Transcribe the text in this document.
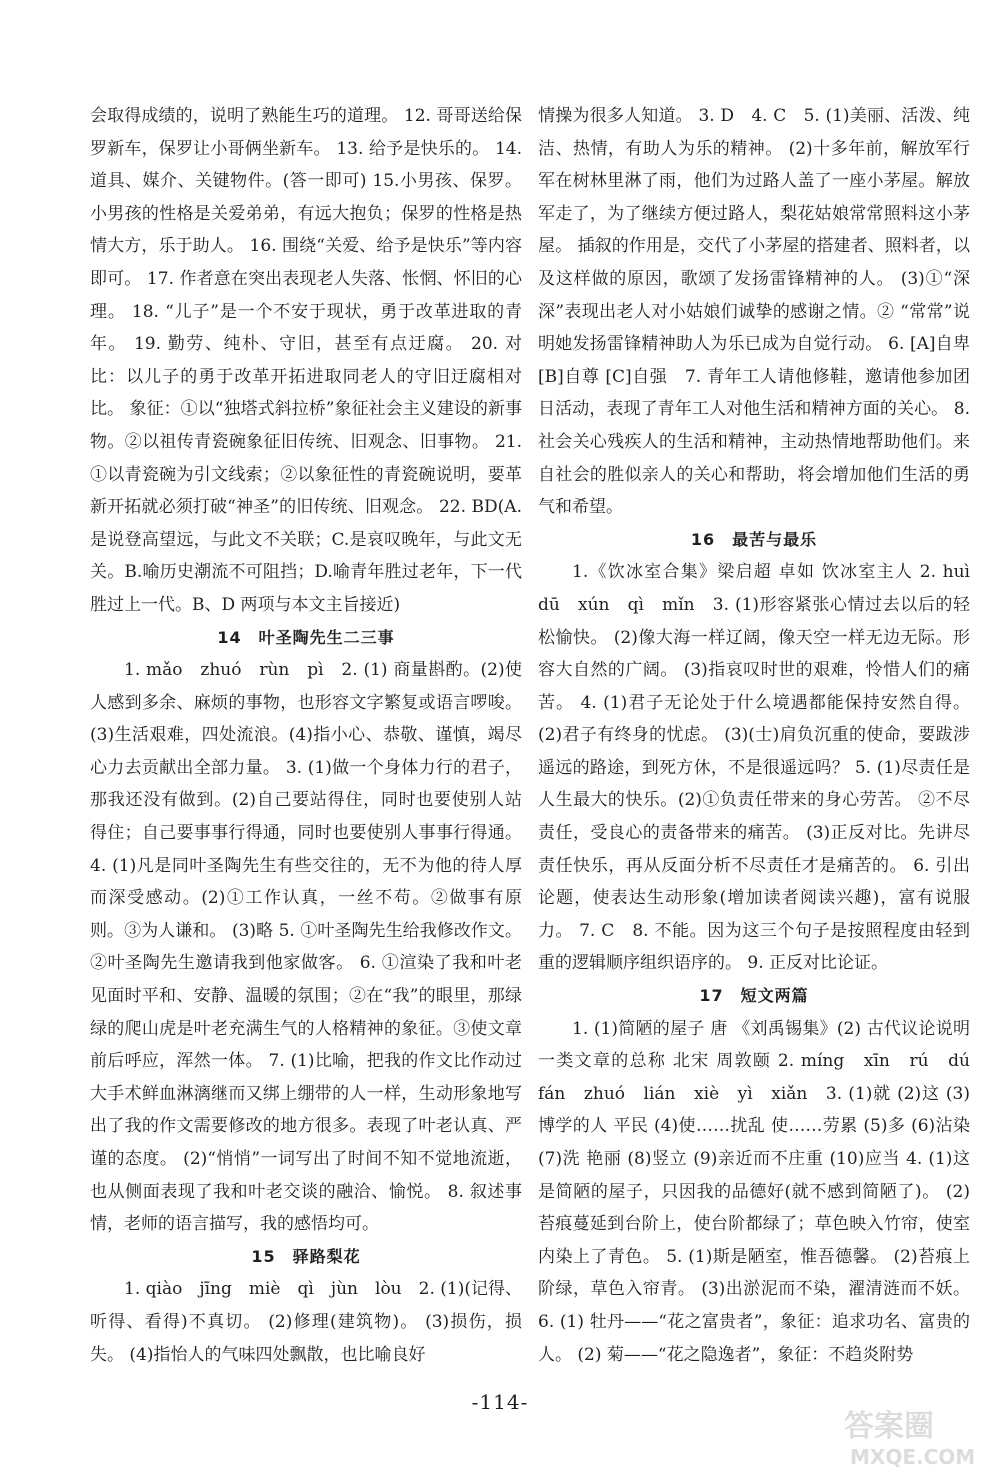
会取得成绩的，说明了熟能生巧的道理。 12. 哥哥送给保罗新车，保罗让小哥俩坐新车。 13. 给予是快乐的。 14. 道具、媒介、关键物件。(答一即可) 15.小男孩、保罗。小男孩的性格是关爱弟弟，有远大抱负；保罗的性格是热情大方，乐于助人。 16. 围绕“关爱、给予是快乐”等内容即可。 17. 作者意在突出表现老人失落、怅惘、怀旧的心理。 18. “儿子”是一个不安于现状，勇于改革进取的青年。 19. 勤劳、纯朴、守旧，甚至有点迂腐。 20. 对比：以儿子的勇于改革开拓进取同老人的守旧迂腐相对比。 象征：①以“独塔式斜拉桥”象征社会主义建设的新事物。②以祖传青瓷碗象征旧传统、旧观念、旧事物。 21. ①以青瓷碗为引文线索；②以象征性的青瓷碗说明，要革新开拓就必须打破“神圣”的旧传统、旧观念。 22. BD(A.是说登高望远，与此文不关联；C.是哀叹晚年，与此文无关。B.喻历史潮流不可阻挡；D.喻青年胜过老年，下一代胜过上一代。B、D 两项与本文主旨接近)

14　叶圣陶先生二三事

1. mǎo　zhuó　rùn　pì　2. (1) 商量斟酌。(2)使人感到多余、麻烦的事物，也形容文字繁复或语言啰唆。(3)生活艰难，四处流浪。(4)指小心、恭敬、谨慎，竭尽心力去贡献出全部力量。 3. (1)做一个身体力行的君子，那我还没有做到。(2)自己要站得住，同时也要使别人站得住；自己要事事行得通，同时也要使别人事事行得通。 4. (1)凡是同叶圣陶先生有些交往的，无不为他的待人厚而深受感动。(2)①工作认真，一丝不苟。②做事有原则。③为人谦和。 (3)略 5. ①叶圣陶先生给我修改作文。②叶圣陶先生邀请我到他家做客。 6. ①渲染了我和叶老见面时平和、安静、温暖的氛围；②在“我”的眼里，那绿绿的爬山虎是叶老充满生气的人格精神的象征。③使文章前后呼应，浑然一体。 7. (1)比喻，把我的作文比作动过大手术鲜血淋漓继而又绑上绷带的人一样，生动形象地写出了我的作文需要修改的地方很多。表现了叶老认真、严谨的态度。 (2)“悄悄”一词写出了时间不知不觉地流逝，也从侧面表现了我和叶老交谈的融洽、愉悦。 8. 叙述事情，老师的语言描写，我的感悟均可。

15　驿路梨花

1. qiào　jīng　miè　qì　jùn　lòu　2. (1)(记得、听得、看得)不真切。 (2)修理(建筑物)。 (3)损伤，损失。 (4)指怡人的气味四处飘散，也比喻良好

情操为很多人知道。 3. D　4. C　5. (1)美丽、活泼、纯洁、热情，有助人为乐的精神。 (2)十多年前，解放军行军在树林里淋了雨，他们为过路人盖了一座小茅屋。解放军走了，为了继续方便过路人，梨花姑娘常常照料这小茅屋。 插叙的作用是，交代了小茅屋的搭建者、照料者，以及这样做的原因，歌颂了发扬雷锋精神的人。 (3)①“深深”表现出老人对小姑娘们诚挚的感谢之情。② “常常”说明她发扬雷锋精神助人为乐已成为自觉行动。 6. [A]自卑 [B]自尊 [C]自强　7. 青年工人请他修鞋，邀请他参加团日活动，表现了青年工人对他生活和精神方面的关心。 8. 社会关心残疾人的生活和精神，主动热情地帮助他们。来自社会的胜似亲人的关心和帮助，将会增加他们生活的勇气和希望。

16　最苦与最乐

1.《饮冰室合集》梁启超 卓如 饮冰室主人 2. huì　dū　xún　qì　mǐn　3. (1)形容紧张心情过去以后的轻松愉快。 (2)像大海一样辽阔，像天空一样无边无际。形容大自然的广阔。 (3)指哀叹时世的艰难，怜惜人们的痛苦。 4. (1)君子无论处于什么境遇都能保持安然自得。 (2)君子有终身的忧虑。 (3)(士)肩负沉重的使命，要跋涉遥远的路途，到死方休，不是很遥远吗？ 5. (1)尽责任是人生最大的快乐。(2)①负责任带来的身心劳苦。 ②不尽责任，受良心的责备带来的痛苦。 (3)正反对比。先讲尽责任快乐，再从反面分析不尽责任才是痛苦的。 6. 引出论题，使表达生动形象(增加读者阅读兴趣)，富有说服力。 7. C　8. 不能。因为这三个句子是按照程度由轻到重的逻辑顺序组织语序的。 9. 正反对比论证。

17　短文两篇

1. (1)简陋的屋子 唐 《刘禹锡集》(2) 古代议论说明一类文章的总称 北宋 周敦颐 2. míng　xīn　rú　dú　fán　zhuó　lián　xiè　yì　xiǎn　3. (1)就 (2)这 (3)博学的人 平民 (4)使……扰乱 使……劳累 (5)多 (6)沾染 (7)洗 艳丽 (8)竖立 (9)亲近而不庄重 (10)应当 4. (1)这是简陋的屋子，只因我的品德好(就不感到简陋了)。 (2)苔痕蔓延到台阶上，使台阶都绿了；草色映入竹帘，使室内染上了青色。 5. (1)斯是陋室，惟吾德馨。 (2)苔痕上阶绿，草色入帘青。 (3)出淤泥而不染，濯清涟而不妖。 6. (1) 牡丹——“花之富贵者”，象征：追求功名、富贵的人。 (2) 菊——“花之隐逸者”，象征：不趋炎附势

-114-
答案圈
MXQE.COM
